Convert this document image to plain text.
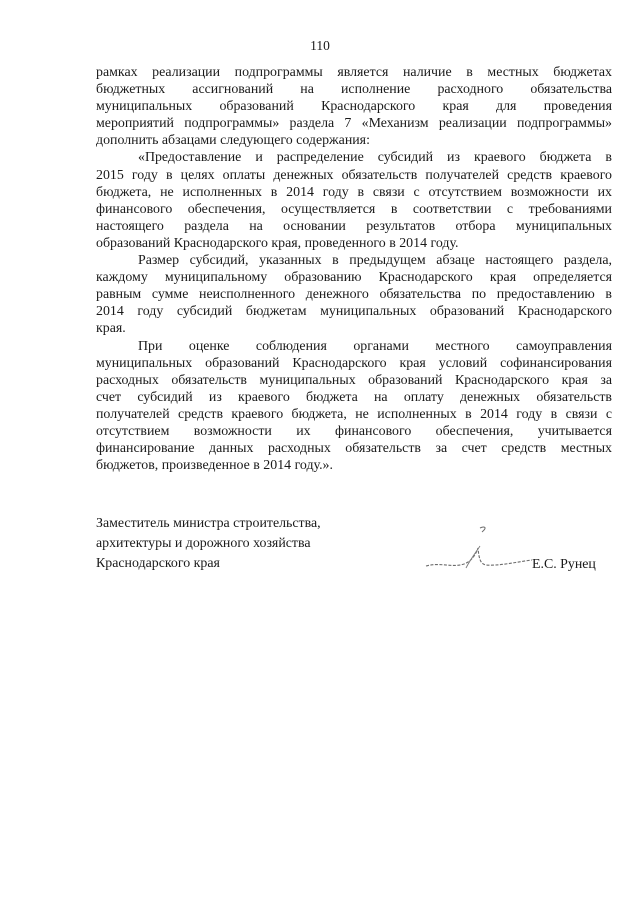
110

рамках реализации подпрограммы является наличие в местных бюджетах

бюджетных ассигнований на исполнение расходного обязательства

муниципальных образований Краснодарского края для проведения

мероприятий подпрограммы» раздела 7 «Механизм реализации подпрограммы»

дополнить абзацами следующего содержания:

«Предоставление и распределение субсидий из краевого бюджета в

2015 году в целях оплаты денежных обязательств получателей средств краевого

бюджета, не исполненных в 2014 году в связи с отсутствием возможности их

финансового обеспечения, осуществляется в соответствии с требованиями

настоящего раздела на основании результатов отбора муниципальных

образований Краснодарского края, проведенного в 2014 году.

Размер субсидий, указанных в предыдущем абзаце настоящего раздела,

каждому муниципальному образованию Краснодарского края определяется

равным сумме неисполненного денежного обязательства по предоставлению в

2014 году субсидий бюджетам муниципальных образований Краснодарского

края.

При оценке соблюдения органами местного самоуправления

муниципальных образований Краснодарского края условий софинансирования

расходных обязательств муниципальных образований Краснодарского края за

счет субсидий из краевого бюджета на оплату денежных обязательств

получателей средств краевого бюджета, не исполненных в 2014 году в связи с

отсутствием возможности их финансового обеспечения, учитывается

финансирование данных расходных обязательств за счет средств местных

бюджетов, произведенное в 2014 году.».

Заместитель министра строительства,
архитектуры и дорожного хозяйства
Краснодарского края	Е.С. Рунец
